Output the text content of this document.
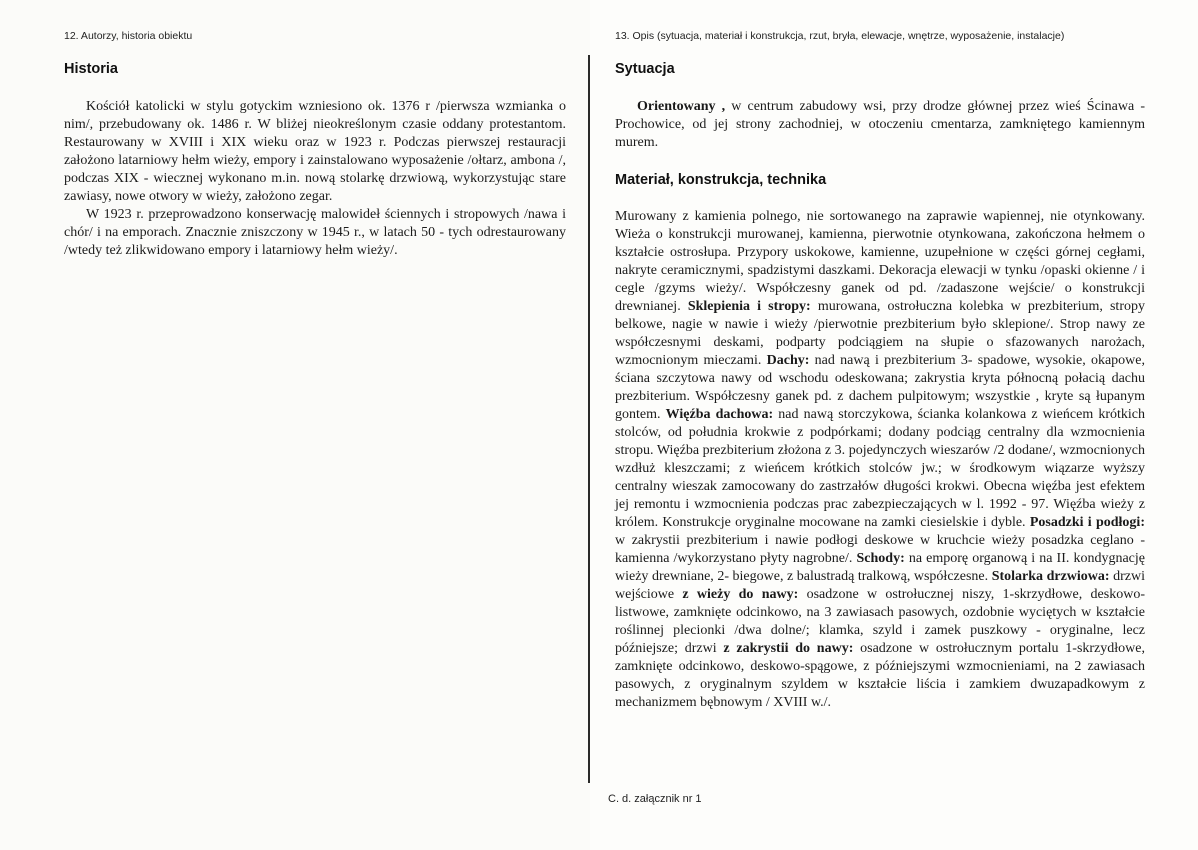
12. Autorzy, historia obiektu
Historia
Kościół katolicki w stylu gotyckim wzniesiono ok. 1376 r /pierwsza wzmianka o nim/, przebudowany ok. 1486 r. W bliżej nieokreślonym czasie oddany protestantom. Restaurowany w XVIII i XIX wieku oraz w 1923 r. Podczas pierwszej restauracji założono latarniowy hełm wieży, empory i zainstalowano wyposażenie /ołtarz, ambona /, podczas XIX - wiecznej wykonano m.in. nową stolarkę drzwiową, wykorzystując stare zawiasy, nowe otwory w wieży, założono zegar.
W 1923 r. przeprowadzono konserwację malowideł ściennych i stropowych /nawa i chór/ i na emporach. Znacznie zniszczony w 1945 r., w latach 50 - tych odrestaurowany /wtedy też zlikwidowano empory i latarniowy hełm wieży/.
13. Opis (sytuacja, materiał i konstrukcja, rzut, bryła, elewacje, wnętrze, wyposażenie, instalacje)
Sytuacja
Orientowany , w centrum zabudowy wsi, przy drodze głównej przez wieś Ścinawa - Prochowice, od jej strony zachodniej, w otoczeniu cmentarza, zamkniętego kamiennym murem.
Materiał, konstrukcja, technika
Murowany z kamienia polnego, nie sortowanego na zaprawie wapiennej, nie otynkowany. Wieża o konstrukcji murowanej, kamienna, pierwotnie otynkowana, zakończona hełmem o kształcie ostrosłupa. Przypory uskokowe, kamienne, uzupełnione w części górnej cegłami, nakryte ceramicznymi, spadzistymi daszkami. Dekoracja elewacji w tynku /opaski okienne / i cegle /gzyms wieży/. Współczesny ganek od pd. /zadaszone wejście/ o konstrukcji drewnianej. Sklepienia i stropy: murowana, ostrołuczna kolebka w prezbiterium, stropy belkowe, nagie w nawie i wieży /pierwotnie prezbiterium było sklepione/. Strop nawy ze współczesnymi deskami, podparty podciągiem na słupie o sfazowanych narożach, wzmocnionym mieczami. Dachy: nad nawą i prezbiterium 3- spadowe, wysokie, okapowe, ściana szczytowa nawy od wschodu odeskowana; zakrystia kryta północną połacią dachu prezbiterium. Współczesny ganek pd. z dachem pulpitowym; wszystkie , kryte są łupanym gontem. Więźba dachowa: nad nawą storczykowa, ścianka kolankowa z wieńcem krótkich stolców, od południa krokwie z podpórkami; dodany podciąg centralny dla wzmocnienia stropu. Więźba prezbiterium złożona z 3. pojedynczych wieszarów /2 dodane/, wzmocnionych wzdłuż kleszczami; z wieńcem krótkich stolców jw.; w środkowym wiązarze wyższy centralny wieszak zamocowany do zastrzałów długości krokwi. Obecna więźba jest efektem jej remontu i wzmocnienia podczas prac zabezpieczających w l. 1992 - 97. Więźba wieży z królem. Konstrukcje oryginalne mocowane na zamki ciesielskie i dyble. Posadzki i podłogi: w zakrystii prezbiterium i nawie podłogi deskowe w kruchcie wieży posadzka ceglano - kamienna /wykorzystano płyty nagrobne/. Schody: na emporę organową i na II. kondygnację wieży drewniane, 2- biegowe, z balustradą tralkową, współczesne. Stolarka drzwiowa: drzwi wejściowe z wieży do nawy: osadzone w ostrołucznej niszy, 1-skrzydłowe, deskowo-listwowe, zamknięte odcinkowo, na 3 zawiasach pasowych, ozdobnie wyciętych w kształcie roślinnej plecionki /dwa dolne/; klamka, szyld i zamek puszkowy - oryginalne, lecz późniejsze; drzwi z zakrystii do nawy: osadzone w ostrołucznym portalu 1-skrzydłowe, zamknięte odcinkowo, deskowo-spągowe, z późniejszymi wzmocnieniami, na 2 zawiasach pasowych, z oryginalnym szyldem w kształcie liścia i zamkiem dwuzapadkowym z mechanizmem bębnowym / XVIII w./.
C. d. załącznik nr 1
